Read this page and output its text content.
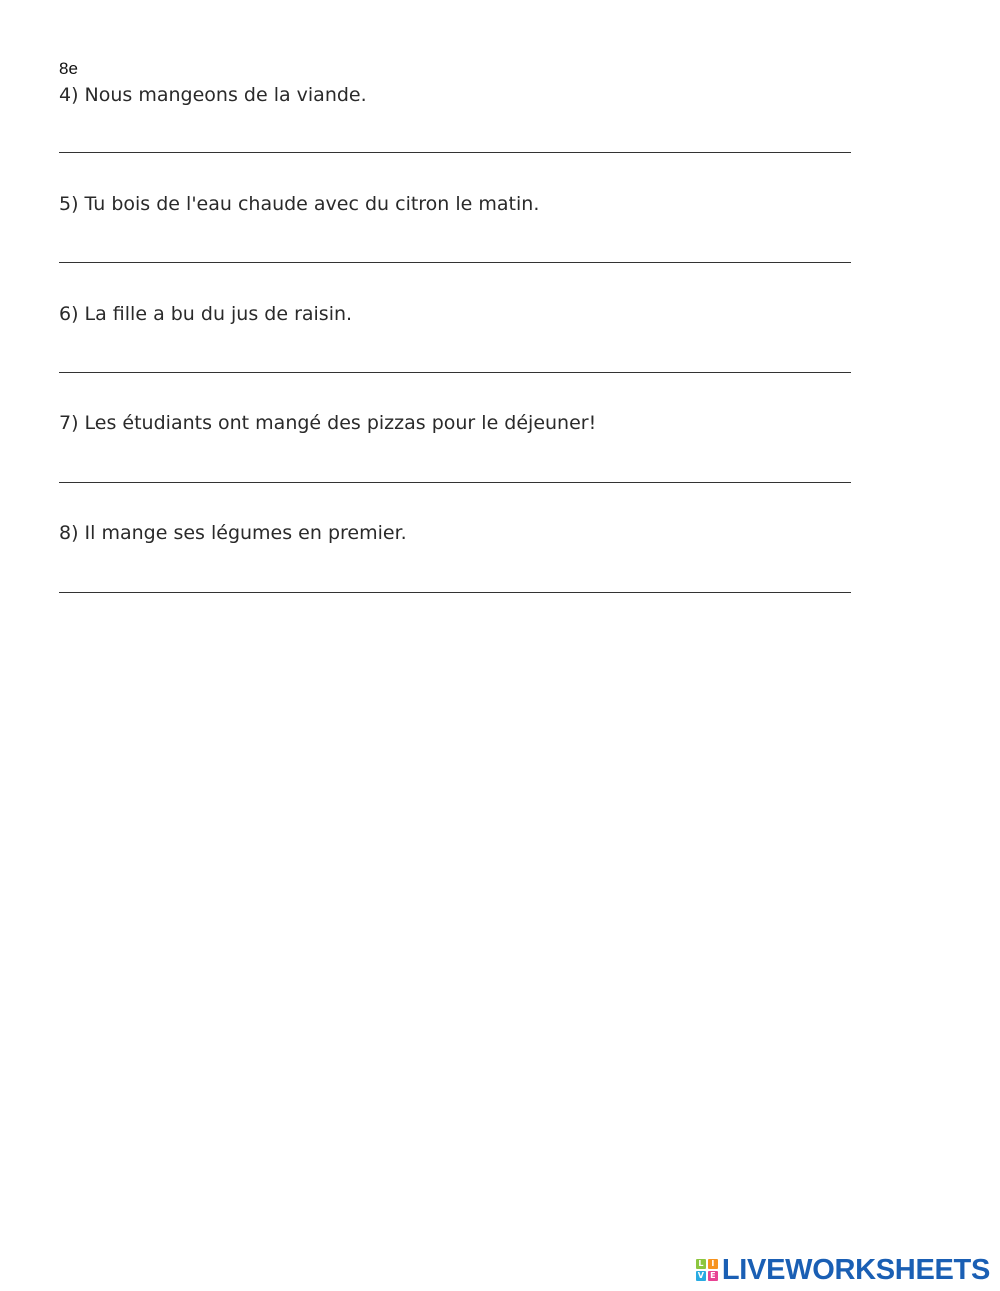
8e
4) Nous mangeons de la viande.
5) Tu bois de l'eau chaude avec du citron le matin.
6) La fille a bu du jus de raisin.
7) Les étudiants ont mangé des pizzas pour le déjeuner!
8) Il mange ses légumes en premier.
L I
V E LIVEWORKSHEETS
